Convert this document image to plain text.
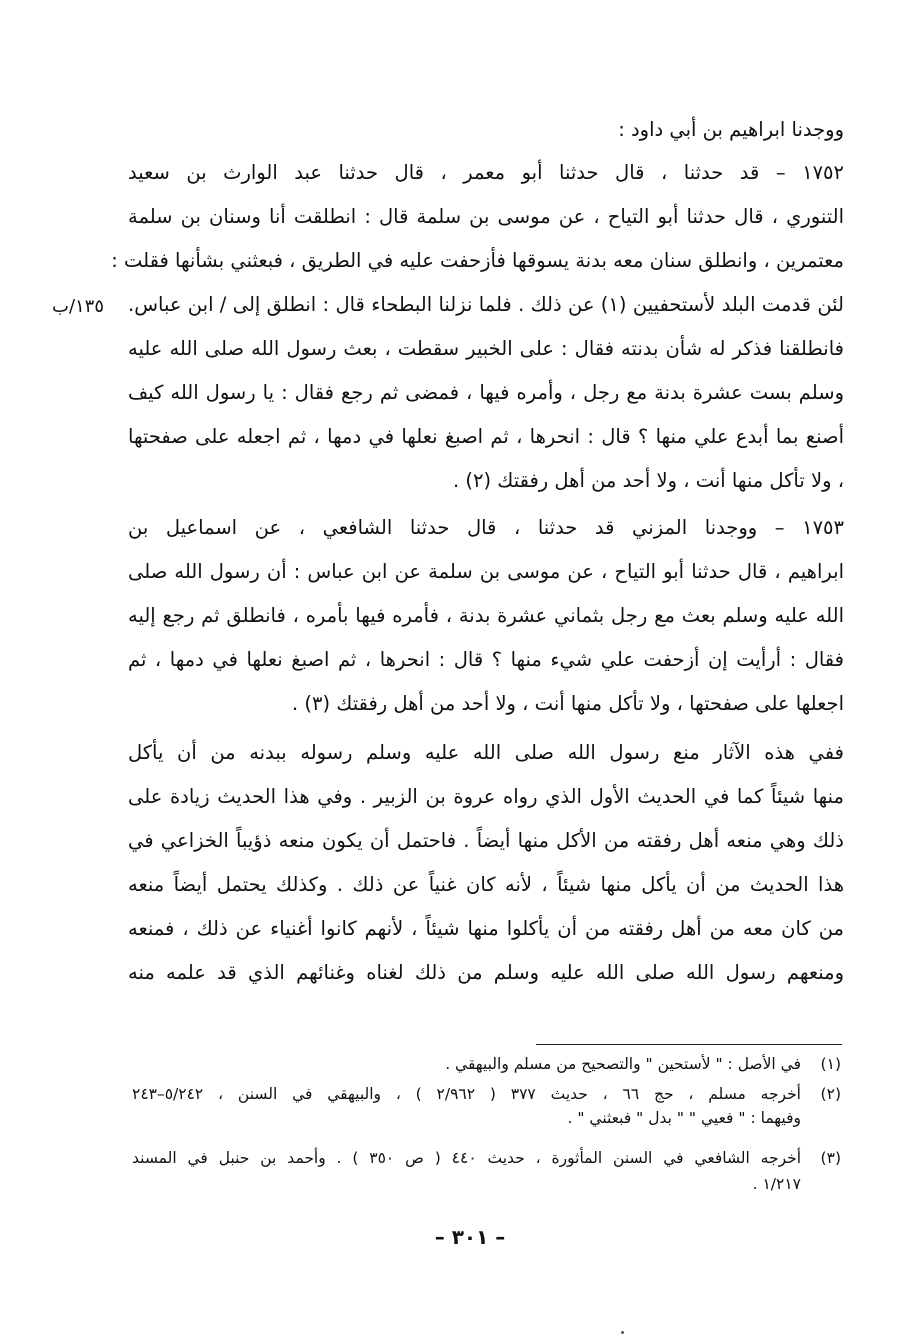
ووجدنا ابراهيم بن أبي داود :
١٧٥٢ – قد حدثنا ، قال حدثنا أبو معمر ، قال حدثنا عبد الوارث بن سعيد
التنوري ، قال حدثنا أبو التياح ، عن موسى بن سلمة قال : انطلقت أنا وسنان بن سلمة
معتمرين ، وانطلق سنان معه بدنة يسوقها فأزحفت عليه في الطريق ، فبعثني بشأنها فقلت :
لئن قدمت البلد لأستحفيين (١) عن ذلك . فلما نزلنا البطحاء قال : انطلق إلى / ابن عباس.
فانطلقنا فذكر له شأن بدنته فقال : على الخبير سقطت ، بعث رسول الله صلى الله عليه
وسلم بست عشرة بدنة مع رجل ، وأمره فيها ، فمضى ثم رجع فقال : يا رسول الله كيف
أصنع بما أبدع علي منها ؟ قال : انحرها ، ثم اصبغ نعلها في دمها ، ثم اجعله على صفحتها
، ولا تأكل منها أنت ، ولا أحد من أهل رفقتك (٢) .
١٧٥٣ – ووجدنا المزني قد حدثنا ، قال حدثنا الشافعي ، عن اسماعيل بن
ابراهيم ، قال حدثنا أبو التياح ، عن موسى بن سلمة عن ابن عباس : أن رسول الله صلى
الله عليه وسلم بعث مع رجل بثماني عشرة بدنة ، فأمره فيها بأمره ، فانطلق ثم رجع إليه
فقال : أرأيت إن أزحفت علي شيء منها ؟ قال : انحرها ، ثم اصبغ نعلها في دمها ، ثم
اجعلها على صفحتها ، ولا تأكل منها أنت ، ولا أحد من أهل رفقتك (٣) .
ففي هذه الآثار منع رسول الله صلى الله عليه وسلم رسوله ببدنه من أن يأكل
منها شيئاً كما في الحديث الأول الذي رواه عروة بن الزبير . وفي هذا الحديث زيادة على
ذلك وهي منعه أهل رفقته من الأكل منها أيضاً . فاحتمل أن يكون منعه ذؤيباً الخزاعي في
هذا الحديث من أن يأكل منها شيئاً ، لأنه كان غنياً عن ذلك . وكذلك يحتمل أيضاً منعه
من كان معه من أهل رفقته من أن يأكلوا منها شيئاً ، لأنهم كانوا أغنياء عن ذلك ، فمنعه
ومنعهم رسول الله صلى الله عليه وسلم من ذلك لغناه وغنائهم الذي قد علمه منه
١٣٥/ب
(١)
في الأصل : " لأستحين " والتصحيح من مسلم والبيهقي .
(٢)
أخرجه مسلم ، حج ٦٦ ، حديث ٣٧٧ ( ٢/٩٦٢ ) ، والبيهقي في السنن ، ٥/٢٤٢–٢٤٣
وفيهما : " فعيي " " بدل " فبعثني " .
(٣)
أخرجه الشافعي في السنن المأثورة ، حديث ٤٤٠ ( ص ٣٥٠ ) . وأحمد بن حنبل في المسند
١/٢١٧ .
– ٣٠١ –
